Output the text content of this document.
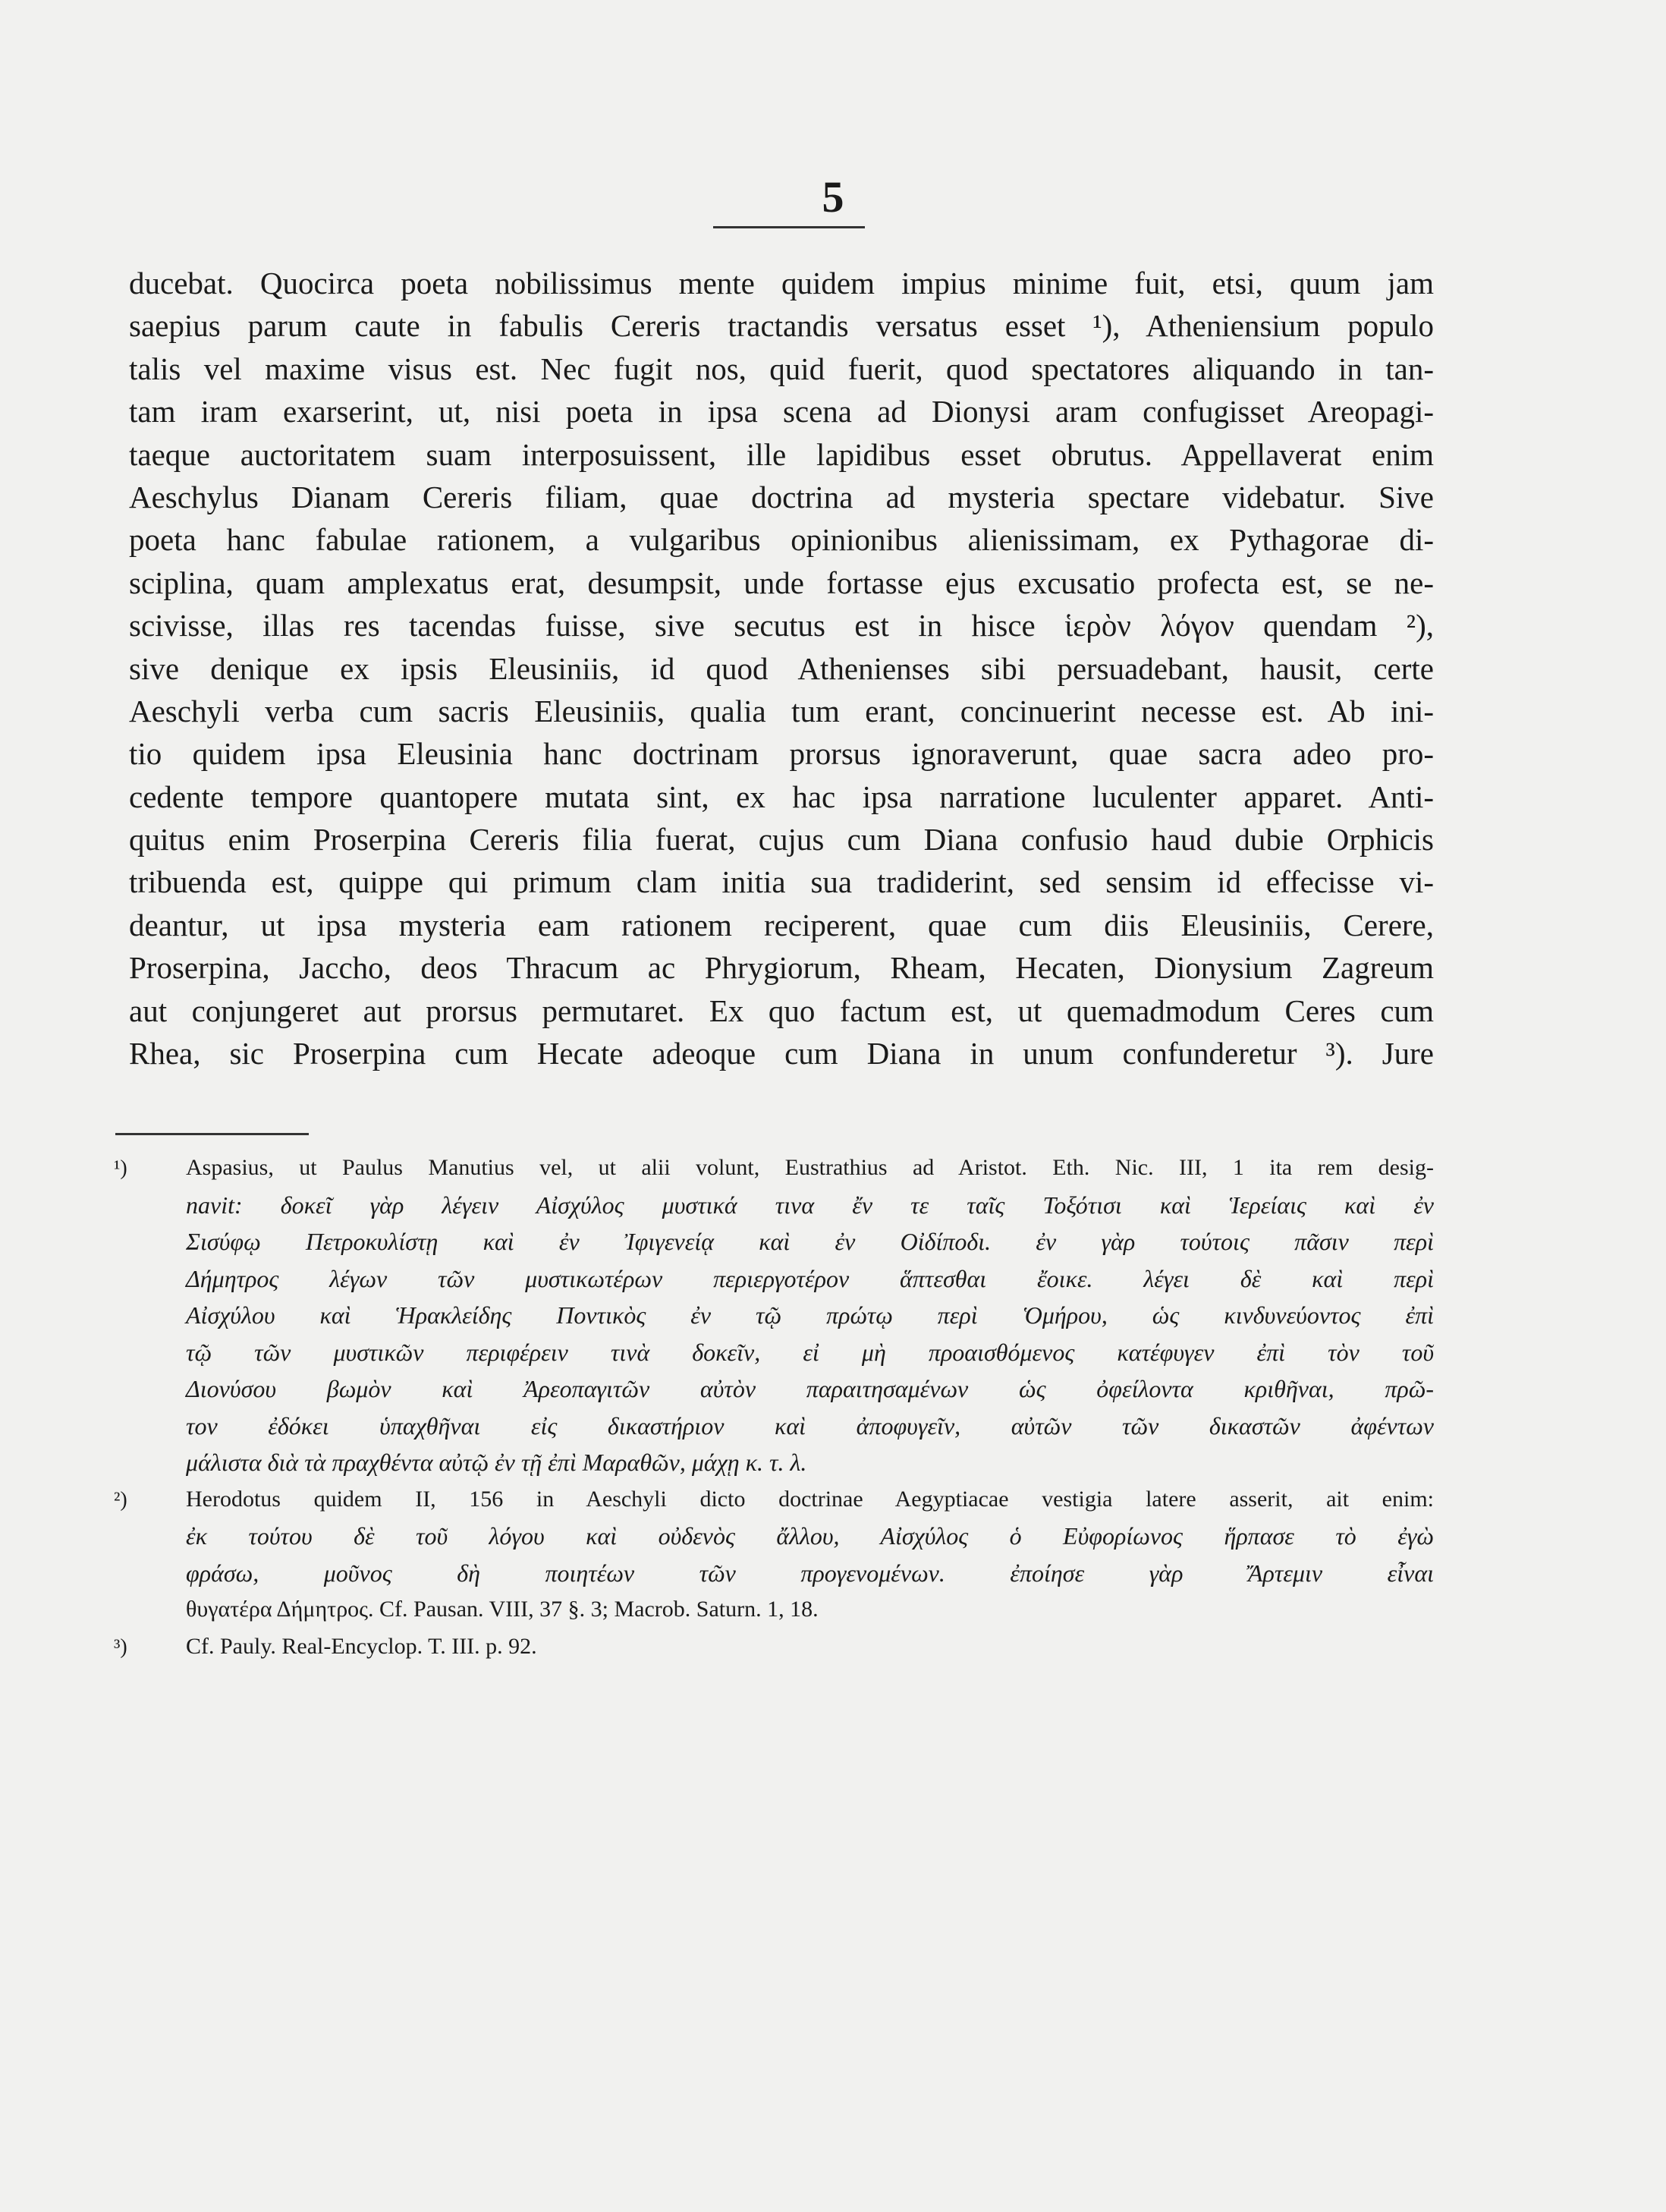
5
ducebat. Quocirca poeta nobilissimus mente quidem impius minime fuit, etsi, quum jam
saepius parum caute in fabulis Cereris tractandis versatus esset ¹), Atheniensium populo
talis vel maxime visus est. Nec fugit nos, quid fuerit, quod spectatores aliquando in tan-
tam iram exarserint, ut, nisi poeta in ipsa scena ad Dionysi aram confugisset Areopagi-
taeque auctoritatem suam interposuissent, ille lapidibus esset obrutus. Appellaverat enim
Aeschylus Dianam Cereris filiam, quae doctrina ad mysteria spectare videbatur. Sive
poeta hanc fabulae rationem, a vulgaribus opinionibus alienissimam, ex Pythagorae di-
sciplina, quam amplexatus erat, desumpsit, unde fortasse ejus excusatio profecta est, se ne-
scivisse, illas res tacendas fuisse, sive secutus est in hisce ἱερὸν λόγον quendam ²),
sive denique ex ipsis Eleusiniis, id quod Athenienses sibi persuadebant, hausit, certe
Aeschyli verba cum sacris Eleusiniis, qualia tum erant, concinuerint necesse est. Ab ini-
tio quidem ipsa Eleusinia hanc doctrinam prorsus ignoraverunt, quae sacra adeo pro-
cedente tempore quantopere mutata sint, ex hac ipsa narratione luculenter apparet. Anti-
quitus enim Proserpina Cereris filia fuerat, cujus cum Diana confusio haud dubie Orphicis
tribuenda est, quippe qui primum clam initia sua tradiderint, sed sensim id effecisse vi-
deantur, ut ipsa mysteria eam rationem reciperent, quae cum diis Eleusiniis, Cerere,
Proserpina, Jaccho, deos Thracum ac Phrygiorum, Rheam, Hecaten, Dionysium Zagreum
aut conjungeret aut prorsus permutaret. Ex quo factum est, ut quemadmodum Ceres cum
Rhea, sic Proserpina cum Hecate adeoque cum Diana in unum confunderetur ³). Jure
¹)	Aspasius, ut Paulus Manutius vel, ut alii volunt, Eustrathius ad Aristot. Eth. Nic. III, 1 ita rem desig-
navit: δοκεῖ γὰρ λέγειν Αἰσχύλος μυστικά τινα ἔν τε ταῖς Τοξότισι καὶ Ἱερείαις καὶ ἐν
Σισύφῳ Πετροκυλίστῃ καὶ ἐν Ἰφιγενείᾳ καὶ ἐν Οἰδίποδι. ἐν γὰρ τούτοις πᾶσιν περὶ
Δήμητρος λέγων τῶν μυστικωτέρων περιεργοτέρον ἅπτεσθαι ἔοικε. λέγει δὲ καὶ περὶ
Αἰσχύλου καὶ Ἡρακλείδης Ποντικὸς ἐν τῷ πρώτῳ περὶ Ὁμήρου, ὡς κινδυνεύοντος ἐπὶ
τῷ τῶν μυστικῶν περιφέρειν τινὰ δοκεῖν, εἰ μὴ προαισθόμενος κατέφυγεν ἐπὶ τὸν τοῦ
Διονύσου βωμὸν καὶ Ἀρεοπαγιτῶν αὐτὸν παραιτησαμένων ὡς ὀφείλοντα κριθῆναι, πρῶ-
τον ἐδόκει ὑπαχθῆναι εἰς δικαστήριον καὶ ἀποφυγεῖν, αὐτῶν τῶν δικαστῶν ἀφέντων
μάλιστα διὰ τὰ πραχθέντα αὐτῷ ἐν τῇ ἐπὶ Μαραθῶν, μάχῃ κ. τ. λ.
²)	Herodotus quidem II, 156 in Aeschyli dicto doctrinae Aegyptiacae vestigia latere asserit, ait enim:
ἐκ τούτου δὲ τοῦ λόγου καὶ οὐδενὸς ἄλλου, Αἰσχύλος ὁ Εὐφορίωνος ἥρπασε τὸ ἐγὼ
φράσω, μοῦνος δὴ ποιητέων τῶν προγενομένων. ἐποίησε γὰρ Ἄρτεμιν εἶναι
θυγατέρα Δήμητρος. Cf. Pausan. VIII, 37 §. 3; Macrob. Saturn. 1, 18.
³)	Cf. Pauly. Real-Encyclop. T. III. p. 92.
